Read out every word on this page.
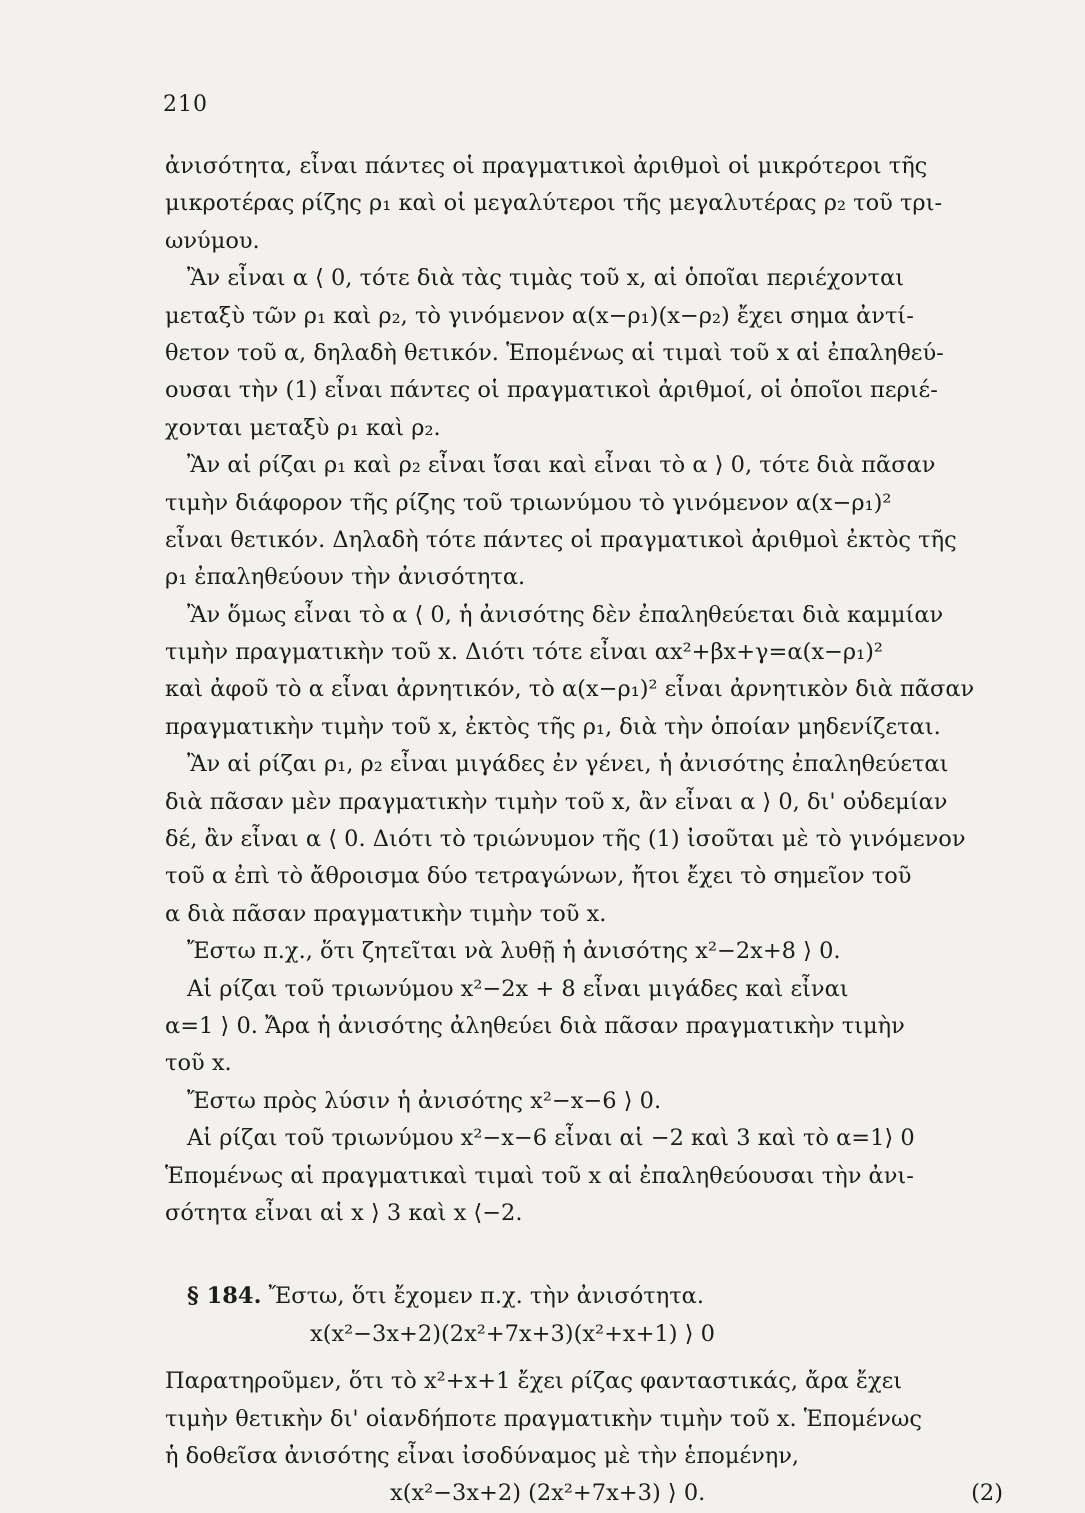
210
ἀνισότητα, εἶναι πάντες οἱ πραγματικοὶ ἀριθμοὶ οἱ μικρότεροι τῆς
μικροτέρας ρίζης ρ₁ καὶ οἱ μεγαλύτεροι τῆς μεγαλυτέρας ρ₂ τοῦ τρι-
ωνύμου.
Ἂν εἶναι α ⟨ 0, τότε διὰ τὰς τιμὰς τοῦ x, αἱ ὁποῖαι περιέχονται
μεταξὺ τῶν ρ₁ καὶ ρ₂, τὸ γινόμενον α(x−ρ₁)(x−ρ₂) ἔχει σημα ἀντί-
θετον τοῦ α, δηλαδὴ θετικόν. Ἑπομένως αἱ τιμαὶ τοῦ x αἱ ἐπαληθεύ-
ουσαι τὴν (1) εἶναι πάντες οἱ πραγματικοὶ ἀριθμοί, οἱ ὁποῖοι περιέ-
χονται μεταξὺ ρ₁ καὶ ρ₂.
Ἂν αἱ ρίζαι ρ₁ καὶ ρ₂ εἶναι ἴσαι καὶ εἶναι τὸ α ⟩ 0, τότε διὰ πᾶσαν
τιμὴν διάφορον τῆς ρίζης τοῦ τριωνύμου τὸ γινόμενον α(x−ρ₁)²
εἶναι θετικόν. Δηλαδὴ τότε πάντες οἱ πραγματικοὶ ἀριθμοὶ ἐκτὸς τῆς
ρ₁ ἐπαληθεύουν τὴν ἀνισότητα.
Ἂν ὅμως εἶναι τὸ α ⟨ 0, ἡ ἀνισότης δὲν ἐπαληθεύεται διὰ καμμίαν
τιμὴν πραγματικὴν τοῦ x. Διότι τότε εἶναι αx²+βx+γ=α(x−ρ₁)²
καὶ ἀφοῦ τὸ α εἶναι ἀρνητικόν, τὸ α(x−ρ₁)² εἶναι ἀρνητικὸν διὰ πᾶσαν
πραγματικὴν τιμὴν τοῦ x, ἐκτὸς τῆς ρ₁, διὰ τὴν ὁποίαν μηδενίζεται.
Ἂν αἱ ρίζαι ρ₁, ρ₂ εἶναι μιγάδες ἐν γένει, ἡ ἀνισότης ἐπαληθεύεται
διὰ πᾶσαν μὲν πραγματικὴν τιμὴν τοῦ x, ἂν εἶναι α ⟩ 0, δι' οὐδεμίαν
δέ, ἂν εἶναι α ⟨ 0. Διότι τὸ τριώνυμον τῆς (1) ἰσοῦται μὲ τὸ γινόμενον
τοῦ α ἐπὶ τὸ ἄθροισμα δύο τετραγώνων, ἤτοι ἔχει τὸ σημεῖον τοῦ
α διὰ πᾶσαν πραγματικὴν τιμὴν τοῦ x.
Ἔστω π.χ., ὅτι ζητεῖται νὰ λυθῇ ἡ ἀνισότης x²−2x+8 ⟩ 0.
Αἱ ρίζαι τοῦ τριωνύμου x²−2x + 8 εἶναι μιγάδες καὶ εἶναι
α=1 ⟩ 0. Ἄρα ἡ ἀνισότης ἀληθεύει διὰ πᾶσαν πραγματικὴν τιμὴν
τοῦ x.
Ἔστω πρὸς λύσιν ἡ ἀνισότης x²−x−6 ⟩ 0.
Αἱ ρίζαι τοῦ τριωνύμου x²−x−6 εἶναι αἱ −2 καὶ 3 καὶ τὸ α=1⟩ 0
Ἑπομένως αἱ πραγματικαὶ τιμαὶ τοῦ x αἱ ἐπαληθεύουσαι τὴν ἀνι-
σότητα εἶναι αἱ x ⟩ 3 καὶ x ⟨−2.
§ 184. Ἔστω, ὅτι ἔχομεν π.χ. τὴν ἀνισότητα.
x(x²−3x+2)(2x²+7x+3)(x²+x+1) ⟩ 0
Παρατηροῦμεν, ὅτι τὸ x²+x+1 ἔχει ρίζας φανταστικάς, ἄρα ἔχει
τιμὴν θετικὴν δι' οἱανδήποτε πραγματικὴν τιμὴν τοῦ x. Ἑπομένως
ἡ δοθεῖσα ἀνισότης εἶναι ἰσοδύναμος μὲ τὴν ἑπομένην,
x(x²−3x+2) (2x²+7x+3) ⟩ 0.	(2)
